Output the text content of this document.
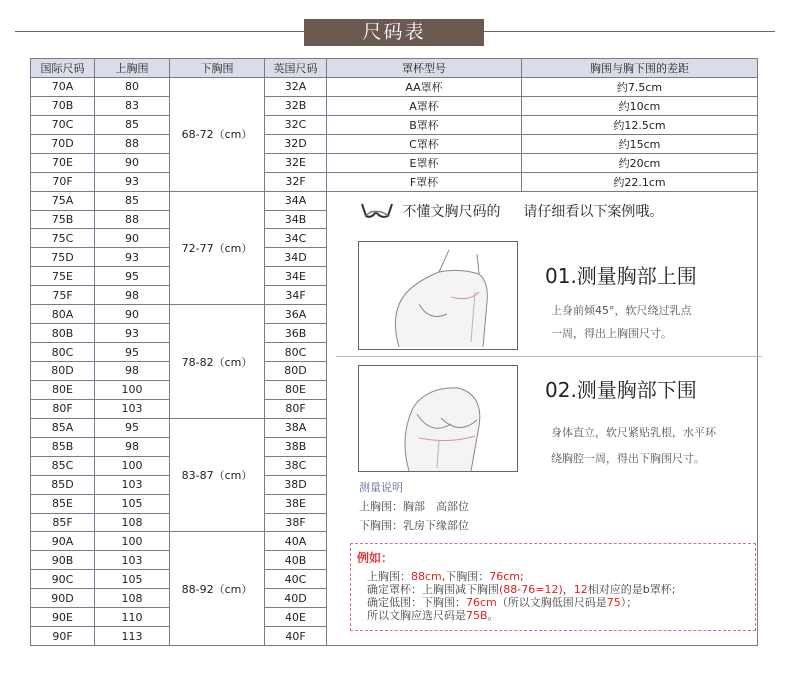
尺码表
国际尺码	上胸围	下胸围	英国尺码	罩杯型号	胸围与胸下围的差距
70A	80	68-72（cm）	32A	AA罩杯	约7.5cm
70B	83		32B	A罩杯	约10cm
70C	85		32C	B罩杯	约12.5cm
70D	88		32D	C罩杯	约15cm
70E	90		32E	E罩杯	约20cm
70F	93		32F	F罩杯	约22.1cm
75A	85	72-77（cm）	34A		
75B	88		34B		
75C	90		34C		
75D	93		34D		
75E	95		34E		
75F	98		34F		
80A	90	78-82（cm）	36A		
80B	93		36B		
80C	95		80C		
80D	98		80D		
80E	100		80E		
80F	103		80F		
85A	95	83-87（cm）	38A		
85B	98		38B		
85C	100		38C		
85D	103		38D		
85E	105		38E		
85F	108		38F		
90A	100	88-92（cm）	40A		
90B	103		40B		
90C	105		40C		
90D	108		40D		
90E	110		40E		
90F	113		40F		
不懂文胸尺码的 请仔细看以下案例哦。
01.测量胸部上围
上身前倾45°，软尺绕过乳点
一周，得出上胸围尺寸。
02.测量胸部下围
身体直立，软尺紧贴乳根，水平环
绕胸腔一周，得出下胸围尺寸。
测量说明
上胸围：胸部　高部位
下胸围：乳房下缘部位
例如：
上胸围：88cm,下胸围：76cm;
确定罩杯：上胸围减下胸围(88-76=12)，12相对应的是b罩杯;
确定低围：下胸围：76cm（所以文胸低围尺码是75）；
所以文胸应选尺码是75B。
